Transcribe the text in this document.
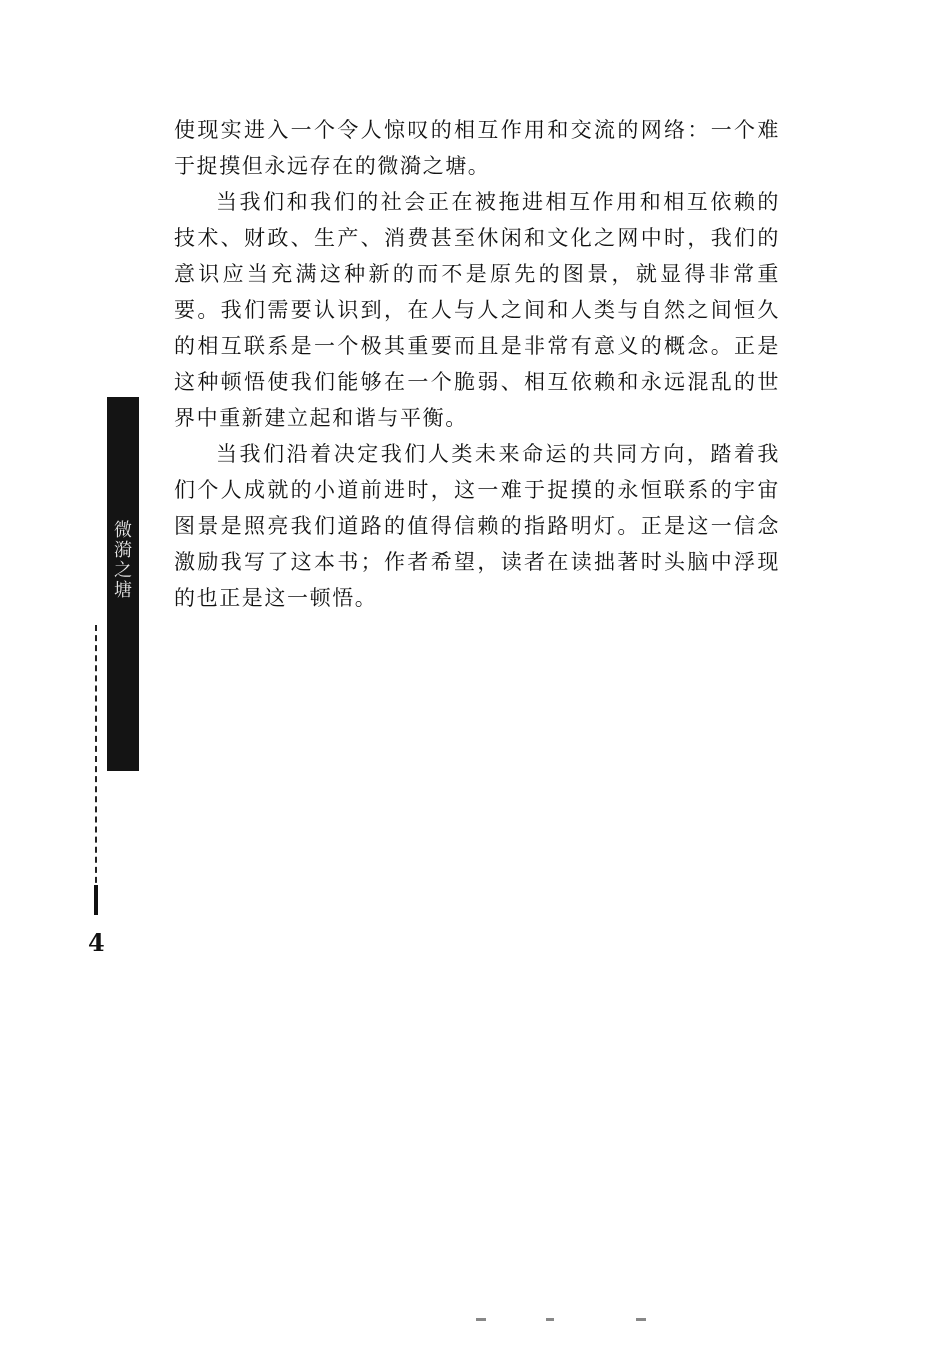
使现实进入一个令人惊叹的相互作用和交流的网络：一个难于捉摸但永远存在的微漪之塘。

当我们和我们的社会正在被拖进相互作用和相互依赖的技术、财政、生产、消费甚至休闲和文化之网中时，我们的意识应当充满这种新的而不是原先的图景，就显得非常重要。我们需要认识到，在人与人之间和人类与自然之间恒久的相互联系是一个极其重要而且是非常有意义的概念。正是这种顿悟使我们能够在一个脆弱、相互依赖和永远混乱的世界中重新建立起和谐与平衡。

当我们沿着决定我们人类未来命运的共同方向，踏着我们个人成就的小道前进时，这一难于捉摸的永恒联系的宇宙图景是照亮我们道路的值得信赖的指路明灯。正是这一信念激励我写了这本书；作者希望，读者在读拙著时头脑中浮现的也正是这一顿悟。

微漪之塘
4
